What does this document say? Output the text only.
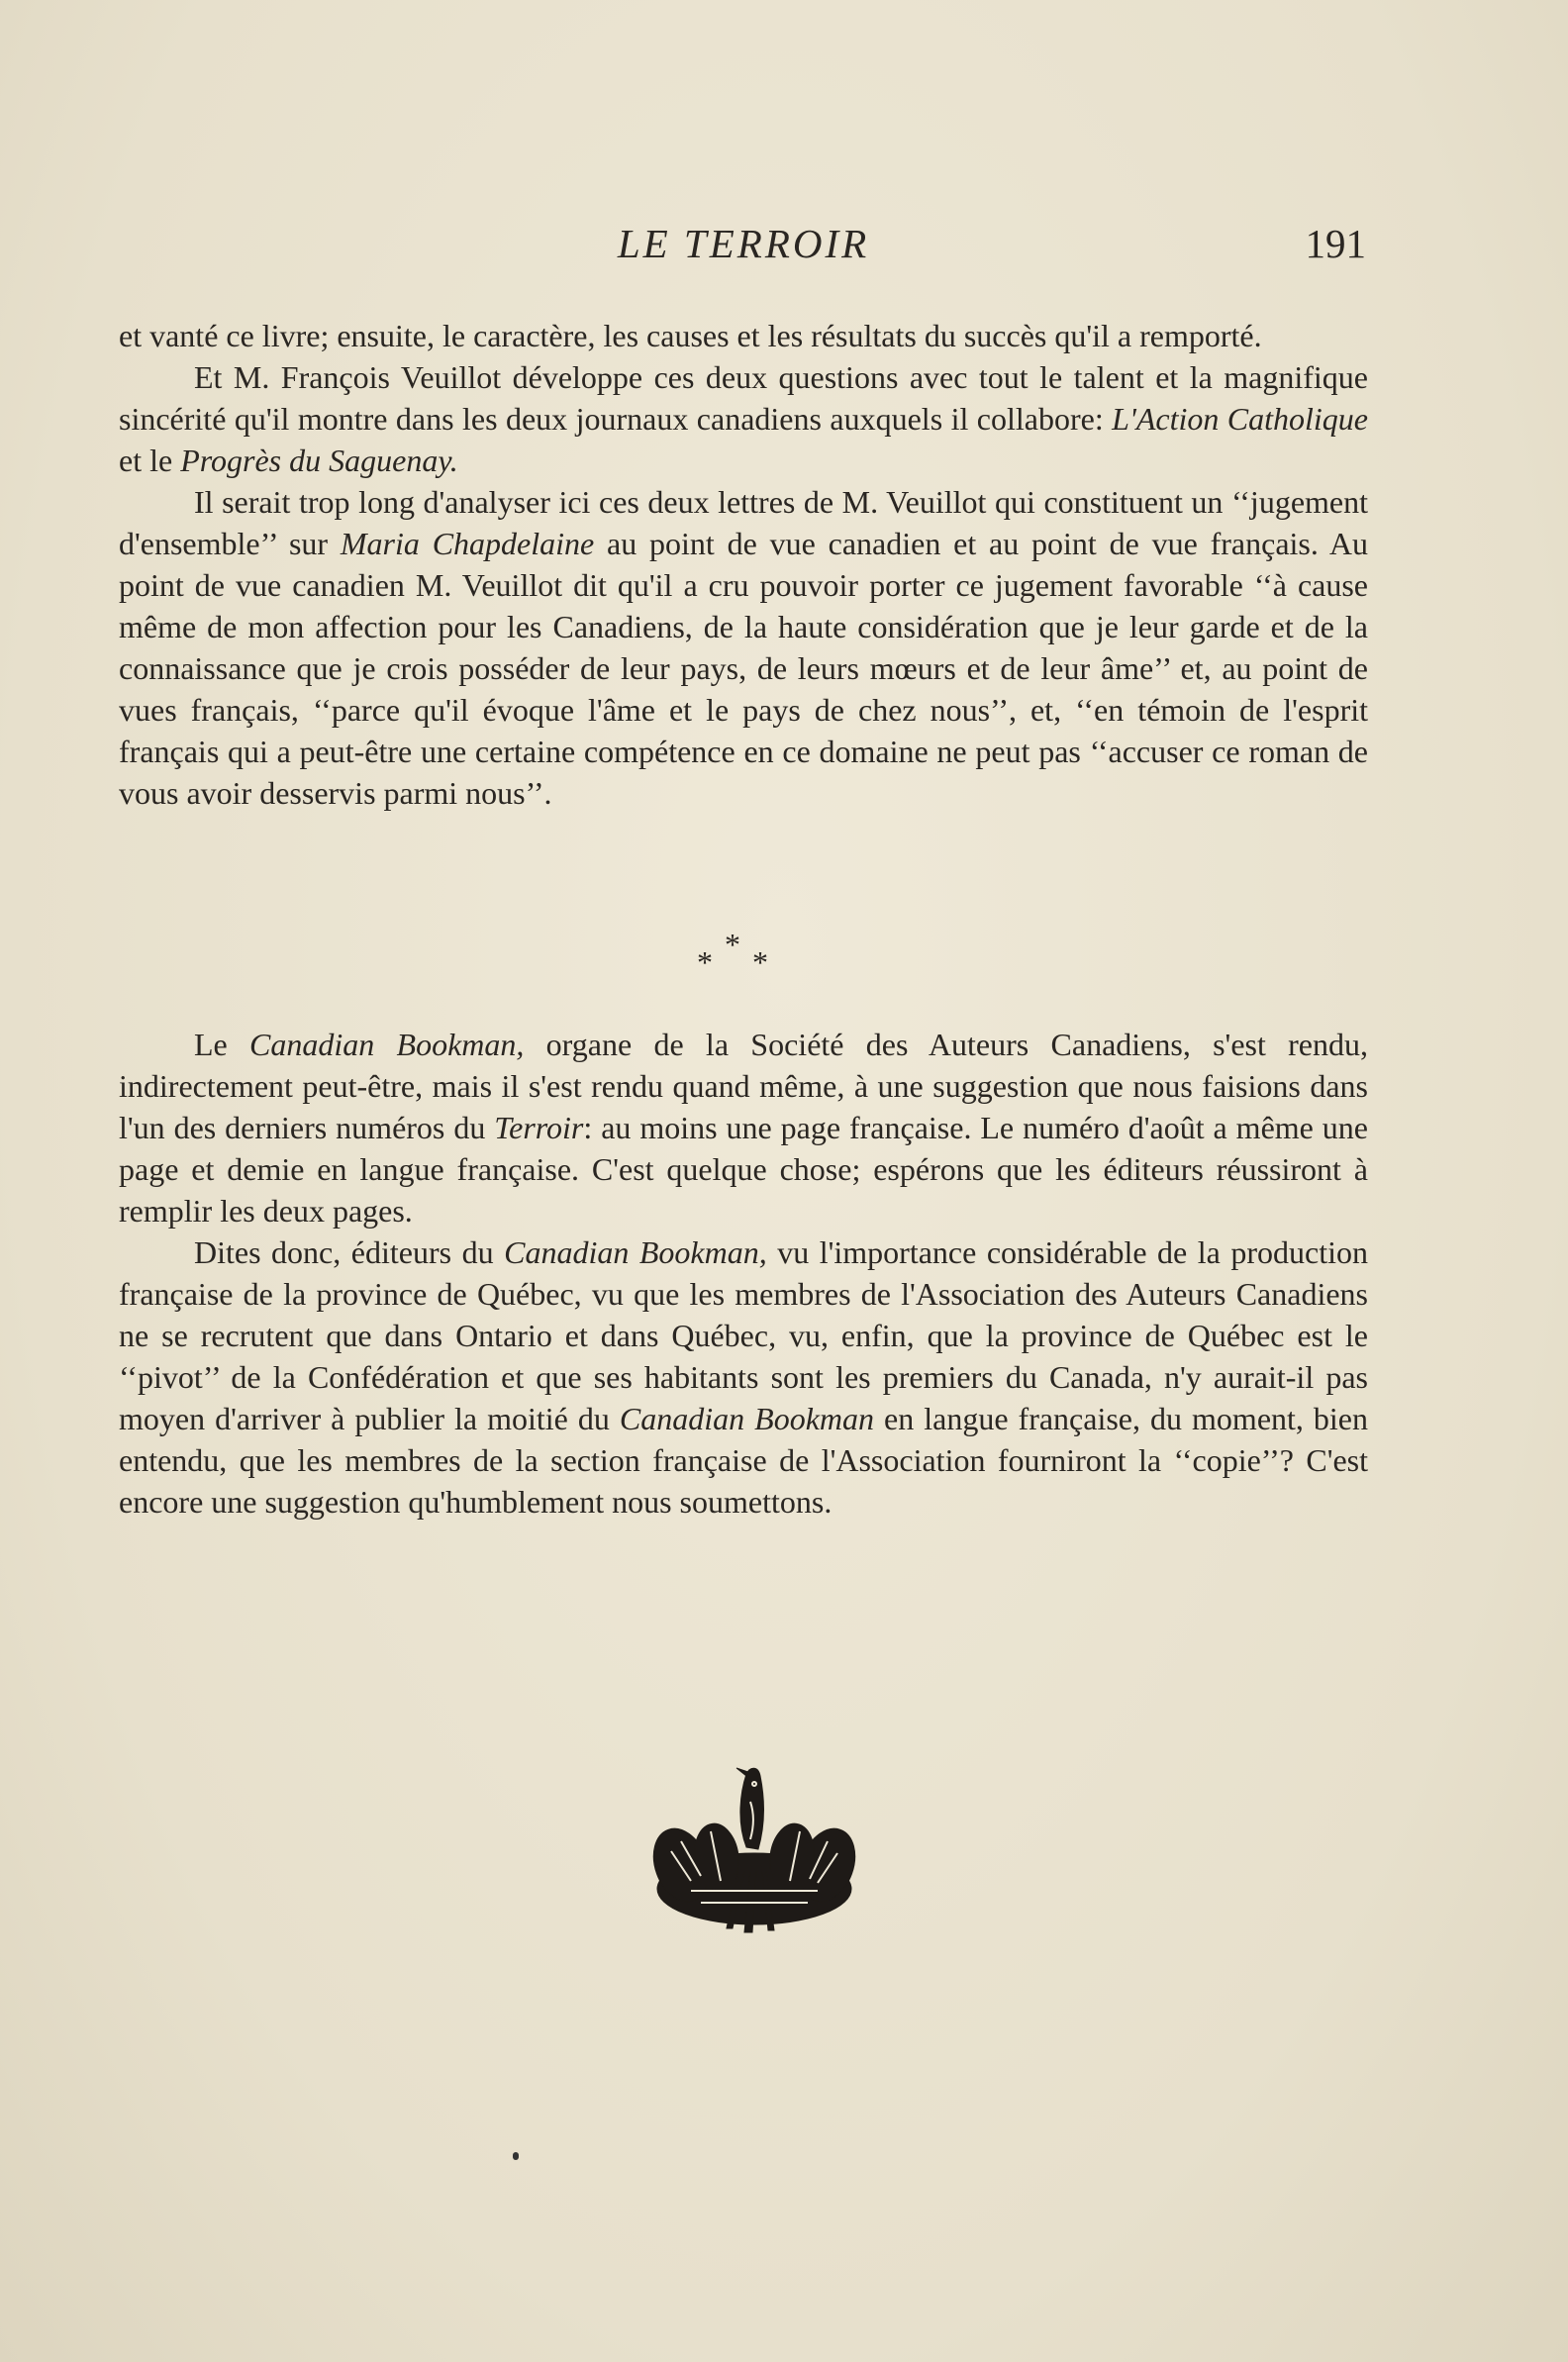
LE TERROIR	191

et vanté ce livre; ensuite, le caractère, les causes et les résultats du succès qu'il a remporté.

Et M. François Veuillot développe ces deux questions avec tout le talent et la magnifique sincérité qu'il montre dans les deux journaux canadiens auxquels il collabore: L'Action Catholique et le Progrès du Saguenay.

Il serait trop long d'analyser ici ces deux lettres de M. Veuillot qui constituent un ‘‘jugement d'ensemble’’ sur Maria Chapdelaine au point de vue canadien et au point de vue français. Au point de vue canadien M. Veuillot dit qu'il a cru pouvoir porter ce jugement favorable ‘‘à cause même de mon affection pour les Canadiens, de la haute considération que je leur garde et de la connaissance que je crois posséder de leur pays, de leurs mœurs et de leur âme’’ et, au point de vues français, ‘‘parce qu'il évoque l'âme et le pays de chez nous’’, et, ‘‘en témoin de l'esprit français qui a peut-être une certaine compétence en ce domaine ne peut pas ‘‘accuser ce roman de vous avoir desservis parmi nous’’.

*
* *

Le Canadian Bookman, organe de la Société des Auteurs Canadiens, s'est rendu, indirectement peut-être, mais il s'est rendu quand même, à une suggestion que nous faisions dans l'un des derniers numéros du Terroir: au moins une page française. Le numéro d'août a même une page et demie en langue française. C'est quelque chose; espérons que les éditeurs réussiront à remplir les deux pages.

Dites donc, éditeurs du Canadian Bookman, vu l'importance considérable de la production française de la province de Québec, vu que les membres de l'Association des Auteurs Canadiens ne se recrutent que dans Ontario et dans Québec, vu, enfin, que la province de Québec est le ‘‘pivot’’ de la Confédération et que ses habitants sont les premiers du Canada, n'y aurait-il pas moyen d'arriver à publier la moitié du Canadian Bookman en langue française, du moment, bien entendu, que les membres de la section française de l'Association fourniront la ‘‘copie’’? C'est encore une suggestion qu'humblement nous soumettons.
